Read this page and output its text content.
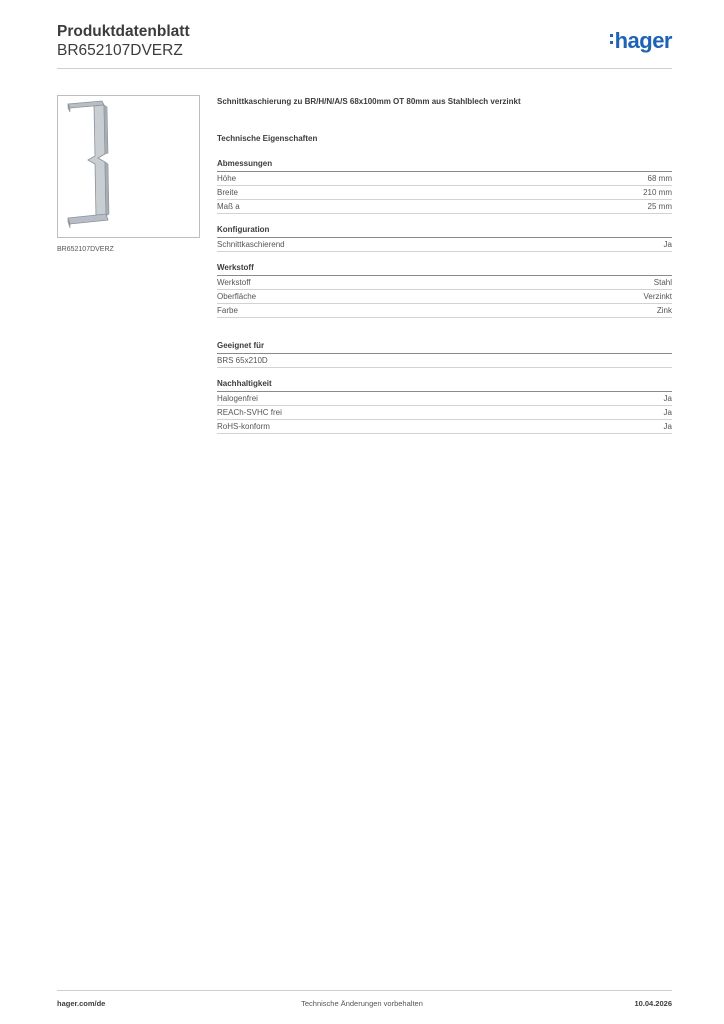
Produktdatenblatt
BR652107DVERZ	hager
BR652107DVERZ
Schnittkaschierung zu BR/H/N/A/S 68x100mm OT 80mm aus Stahlblech verzinkt
Technische Eigenschaften
Abmessungen
Höhe	68 mm
Breite	210 mm
Maß a	25 mm
Konfiguration
Schnittkaschierend	Ja
Werkstoff
Werkstoff	Stahl
Oberfläche	Verzinkt
Farbe	Zink
Geeignet für
BRS 65x210D
Nachhaltigkeit
Halogenfrei	Ja
REACh-SVHC frei	Ja
RoHS-konform	Ja
hager.com/de	Technische Änderungen vorbehalten	10.04.2026
